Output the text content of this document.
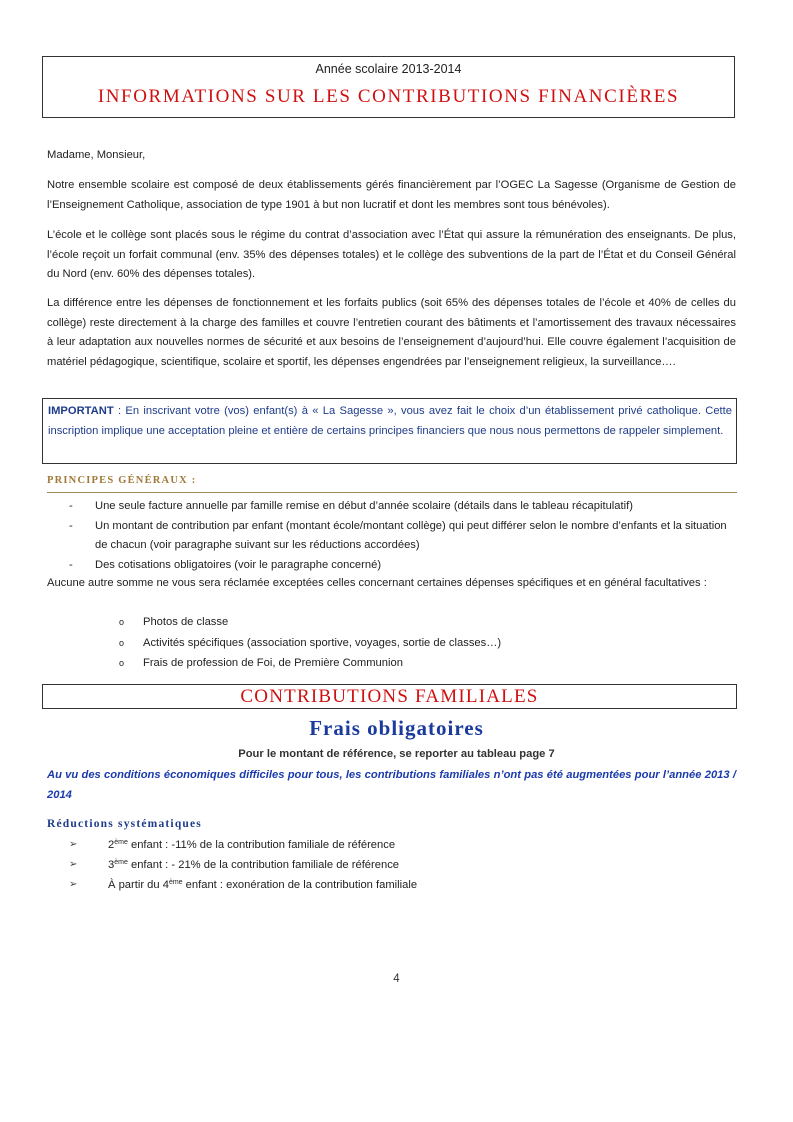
Année scolaire 2013-2014
INFORMATIONS SUR LES CONTRIBUTIONS FINANCIÈRES

Madame, Monsieur,

Notre ensemble scolaire est composé de deux établissements gérés financièrement par l’OGEC La Sagesse (Organisme de Gestion de l’Enseignement Catholique, association de type 1901 à but non lucratif et dont les membres sont tous bénévoles).

L’école et le collège sont placés sous le régime du contrat d’association avec l’État qui assure la rémunération des enseignants. De plus, l’école reçoit un forfait communal (env. 35% des dépenses totales) et le collège des subventions de la part de l’État et du Conseil Général du Nord (env. 60% des dépenses totales).

La différence entre les dépenses de fonctionnement et les forfaits publics (soit 65% des dépenses totales de l’école et 40% de celles du collège) reste directement à la charge des familles et couvre l’entretien courant des bâtiments et l’amortissement des travaux nécessaires à leur adaptation aux nouvelles normes de sécurité et aux besoins de l’enseignement d’aujourd’hui. Elle couvre également l’acquisition de matériel pédagogique, scientifique, scolaire et sportif, les dépenses engendrées par l’enseignement religieux, la surveillance….

IMPORTANT : En inscrivant votre (vos) enfant(s) à « La Sagesse », vous avez fait le choix d’un établissement privé catholique. Cette inscription implique une acceptation pleine et entière de certains principes financiers que nous nous permettons de rappeler simplement.
PRINCIPES GÉNÉRAUX :
- Une seule facture annuelle par famille remise en début d’année scolaire (détails dans le tableau récapitulatif)
- Un montant de contribution par enfant (montant école/montant collège) qui peut différer selon le nombre d’enfants et la situation de chacun (voir paragraphe suivant sur les réductions accordées)
- Des cotisations obligatoires (voir le paragraphe concerné)

Aucune autre somme ne vous sera réclamée exceptées celles concernant certaines dépenses spécifiques et en général facultatives :

o Photos de classe
o Activités spécifiques (association sportive, voyages, sortie de classes…)
o Frais de profession de Foi, de Première Communion
CONTRIBUTIONS FAMILIALES
Frais obligatoires
Pour le montant de référence, se reporter au tableau page 7
Au vu des conditions économiques difficiles pour tous, les contributions familiales n’ont pas été augmentées pour l’année 2013 / 2014
Réductions systématiques
➢	2ème enfant : -11% de la contribution familiale de référence
➢	3ème enfant : - 21% de la contribution familiale de référence
➢	À partir du 4ème enfant : exonération de la contribution familiale
4
